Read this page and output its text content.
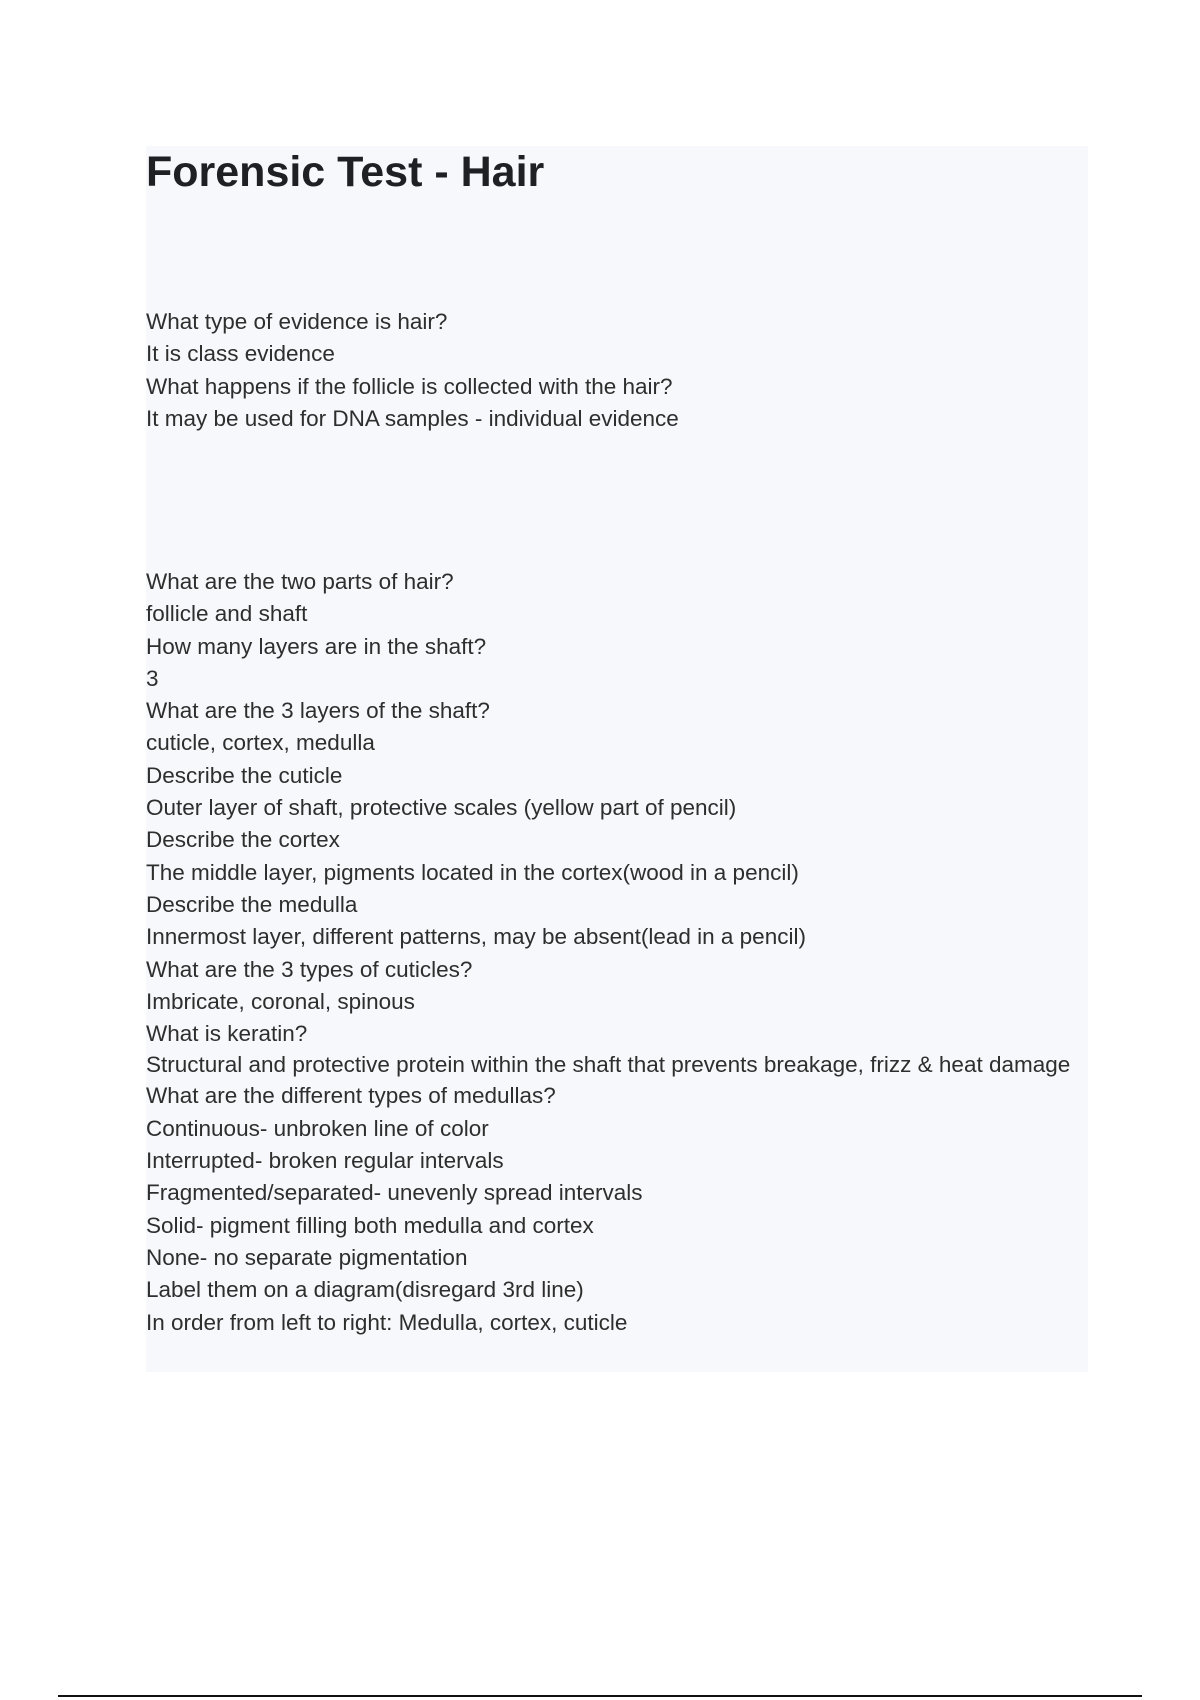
Forensic Test - Hair
What type of evidence is hair?
It is class evidence
What happens if the follicle is collected with the hair?
It may be used for DNA samples - individual evidence
What are the two parts of hair?
follicle and shaft
How many layers are in the shaft?
3
What are the 3 layers of the shaft?
cuticle, cortex, medulla
Describe the cuticle
Outer layer of shaft, protective scales (yellow part of pencil)
Describe the cortex
The middle layer, pigments located in the cortex(wood in a pencil)
Describe the medulla
Innermost layer, different patterns, may be absent(lead in a pencil)
What are the 3 types of cuticles?
Imbricate, coronal, spinous
What is keratin?
Structural and protective protein within the shaft that prevents breakage, frizz & heat damage
What are the different types of medullas?
Continuous- unbroken line of color
Interrupted- broken regular intervals
Fragmented/separated- unevenly spread intervals
Solid- pigment filling both medulla and cortex
None- no separate pigmentation
Label them on a diagram(disregard 3rd line)
In order from left to right: Medulla, cortex, cuticle
